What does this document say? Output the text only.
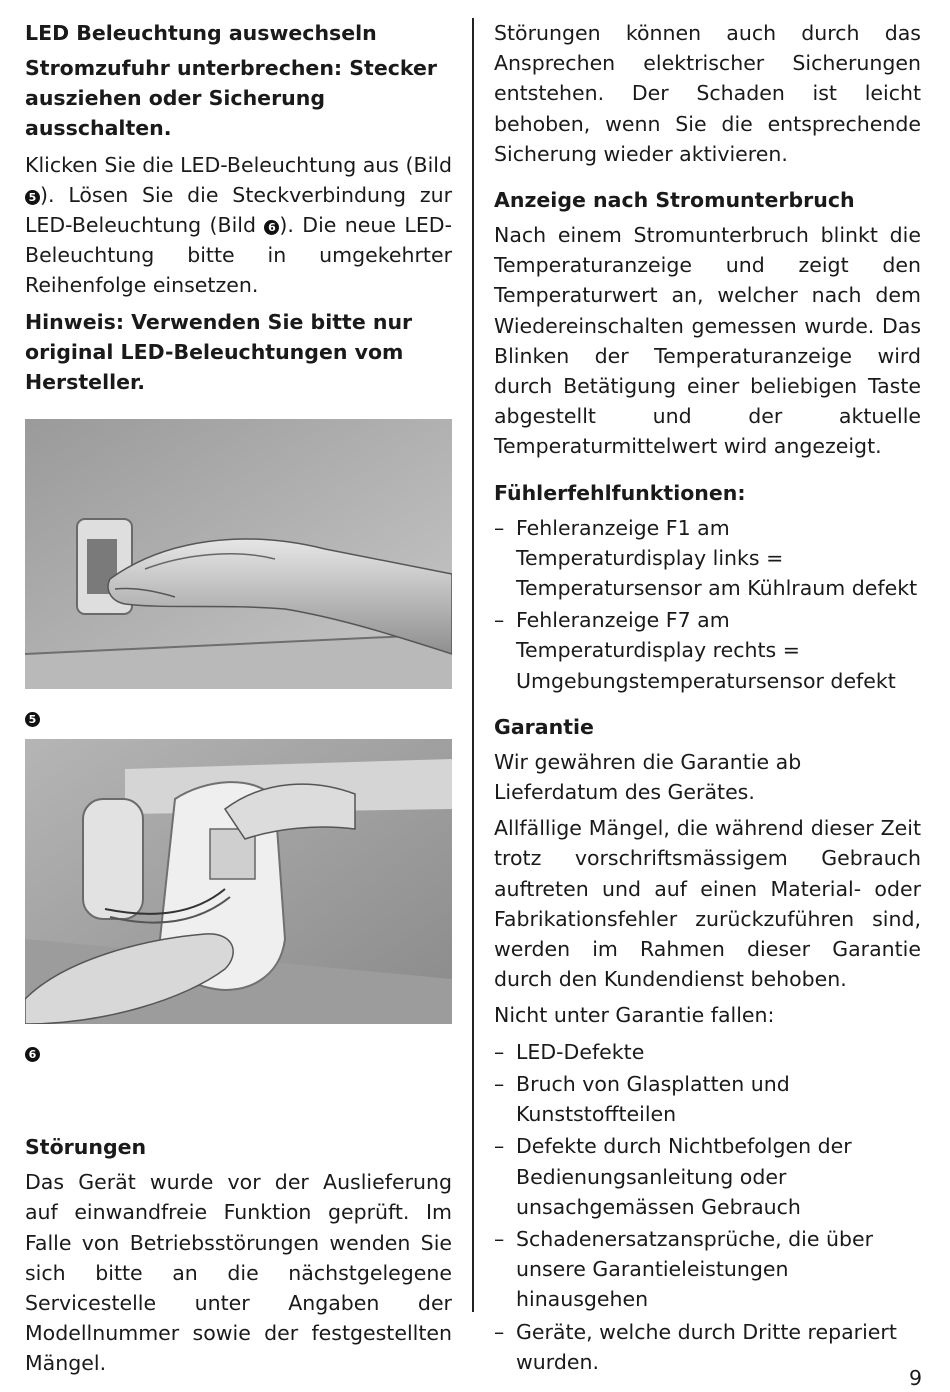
LED Beleuchtung auswechseln

Stromzufuhr unterbrechen: Stecker ausziehen oder Sicherung ausschalten.

Klicken Sie die LED-Beleuchtung aus (Bild 5 ). Lösen Sie die Steckverbindung zur LED-Beleuchtung (Bild 6 ). Die neue LED-Beleuchtung bitte in umgekehrter Reihenfolge einsetzen.

Hinweis: Verwenden Sie bitte nur original LED-Beleuchtungen vom Hersteller.

5
6
Störungen

Das Gerät wurde vor der Auslieferung auf einwandfreie Funktion geprüft. Im Falle von Betriebsstörungen wenden Sie sich bitte an die nächstgelegene Servicestelle unter Angaben der Modellnummer sowie der festgestellten Mängel.

Störungen können auch durch das Ansprechen elektrischer Sicherungen entstehen. Der Schaden ist leicht behoben, wenn Sie die entsprechende Sicherung wieder aktivieren.

Anzeige nach Stromunterbruch

Nach einem Stromunterbruch blinkt die Temperaturanzeige und zeigt den Temperaturwert an, welcher nach dem Wiedereinschalten gemessen wurde. Das Blinken der Temperaturanzeige wird durch Betätigung einer beliebigen Taste abgestellt und der aktuelle Temperaturmittelwert wird angezeigt.

Fühlerfehlfunktionen:
– Fehleranzeige F1 am Temperaturdisplay links = Temperatursensor am Kühlraum defekt
– Fehleranzeige F7 am Temperaturdisplay rechts = Umgebungstemperatursensor defekt
Garantie

Wir gewähren die Garantie ab Lieferdatum des Gerätes.

Allfällige Mängel, die während dieser Zeit trotz vorschriftsmässigem Gebrauch auftreten und auf einen Material- oder Fabrikationsfehler zurückzuführen sind, werden im Rahmen dieser Garantie durch den Kundendienst behoben.

Nicht unter Garantie fallen:

– LED-Defekte
– Bruch von Glasplatten und Kunststoffteilen
– Defekte durch Nichtbefolgen der Bedienungsanleitung oder unsachgemässen Gebrauch
– Schadenersatzansprüche, die über unsere Garantieleistungen hinausgehen
– Geräte, welche durch Dritte repariert wurden.
9
